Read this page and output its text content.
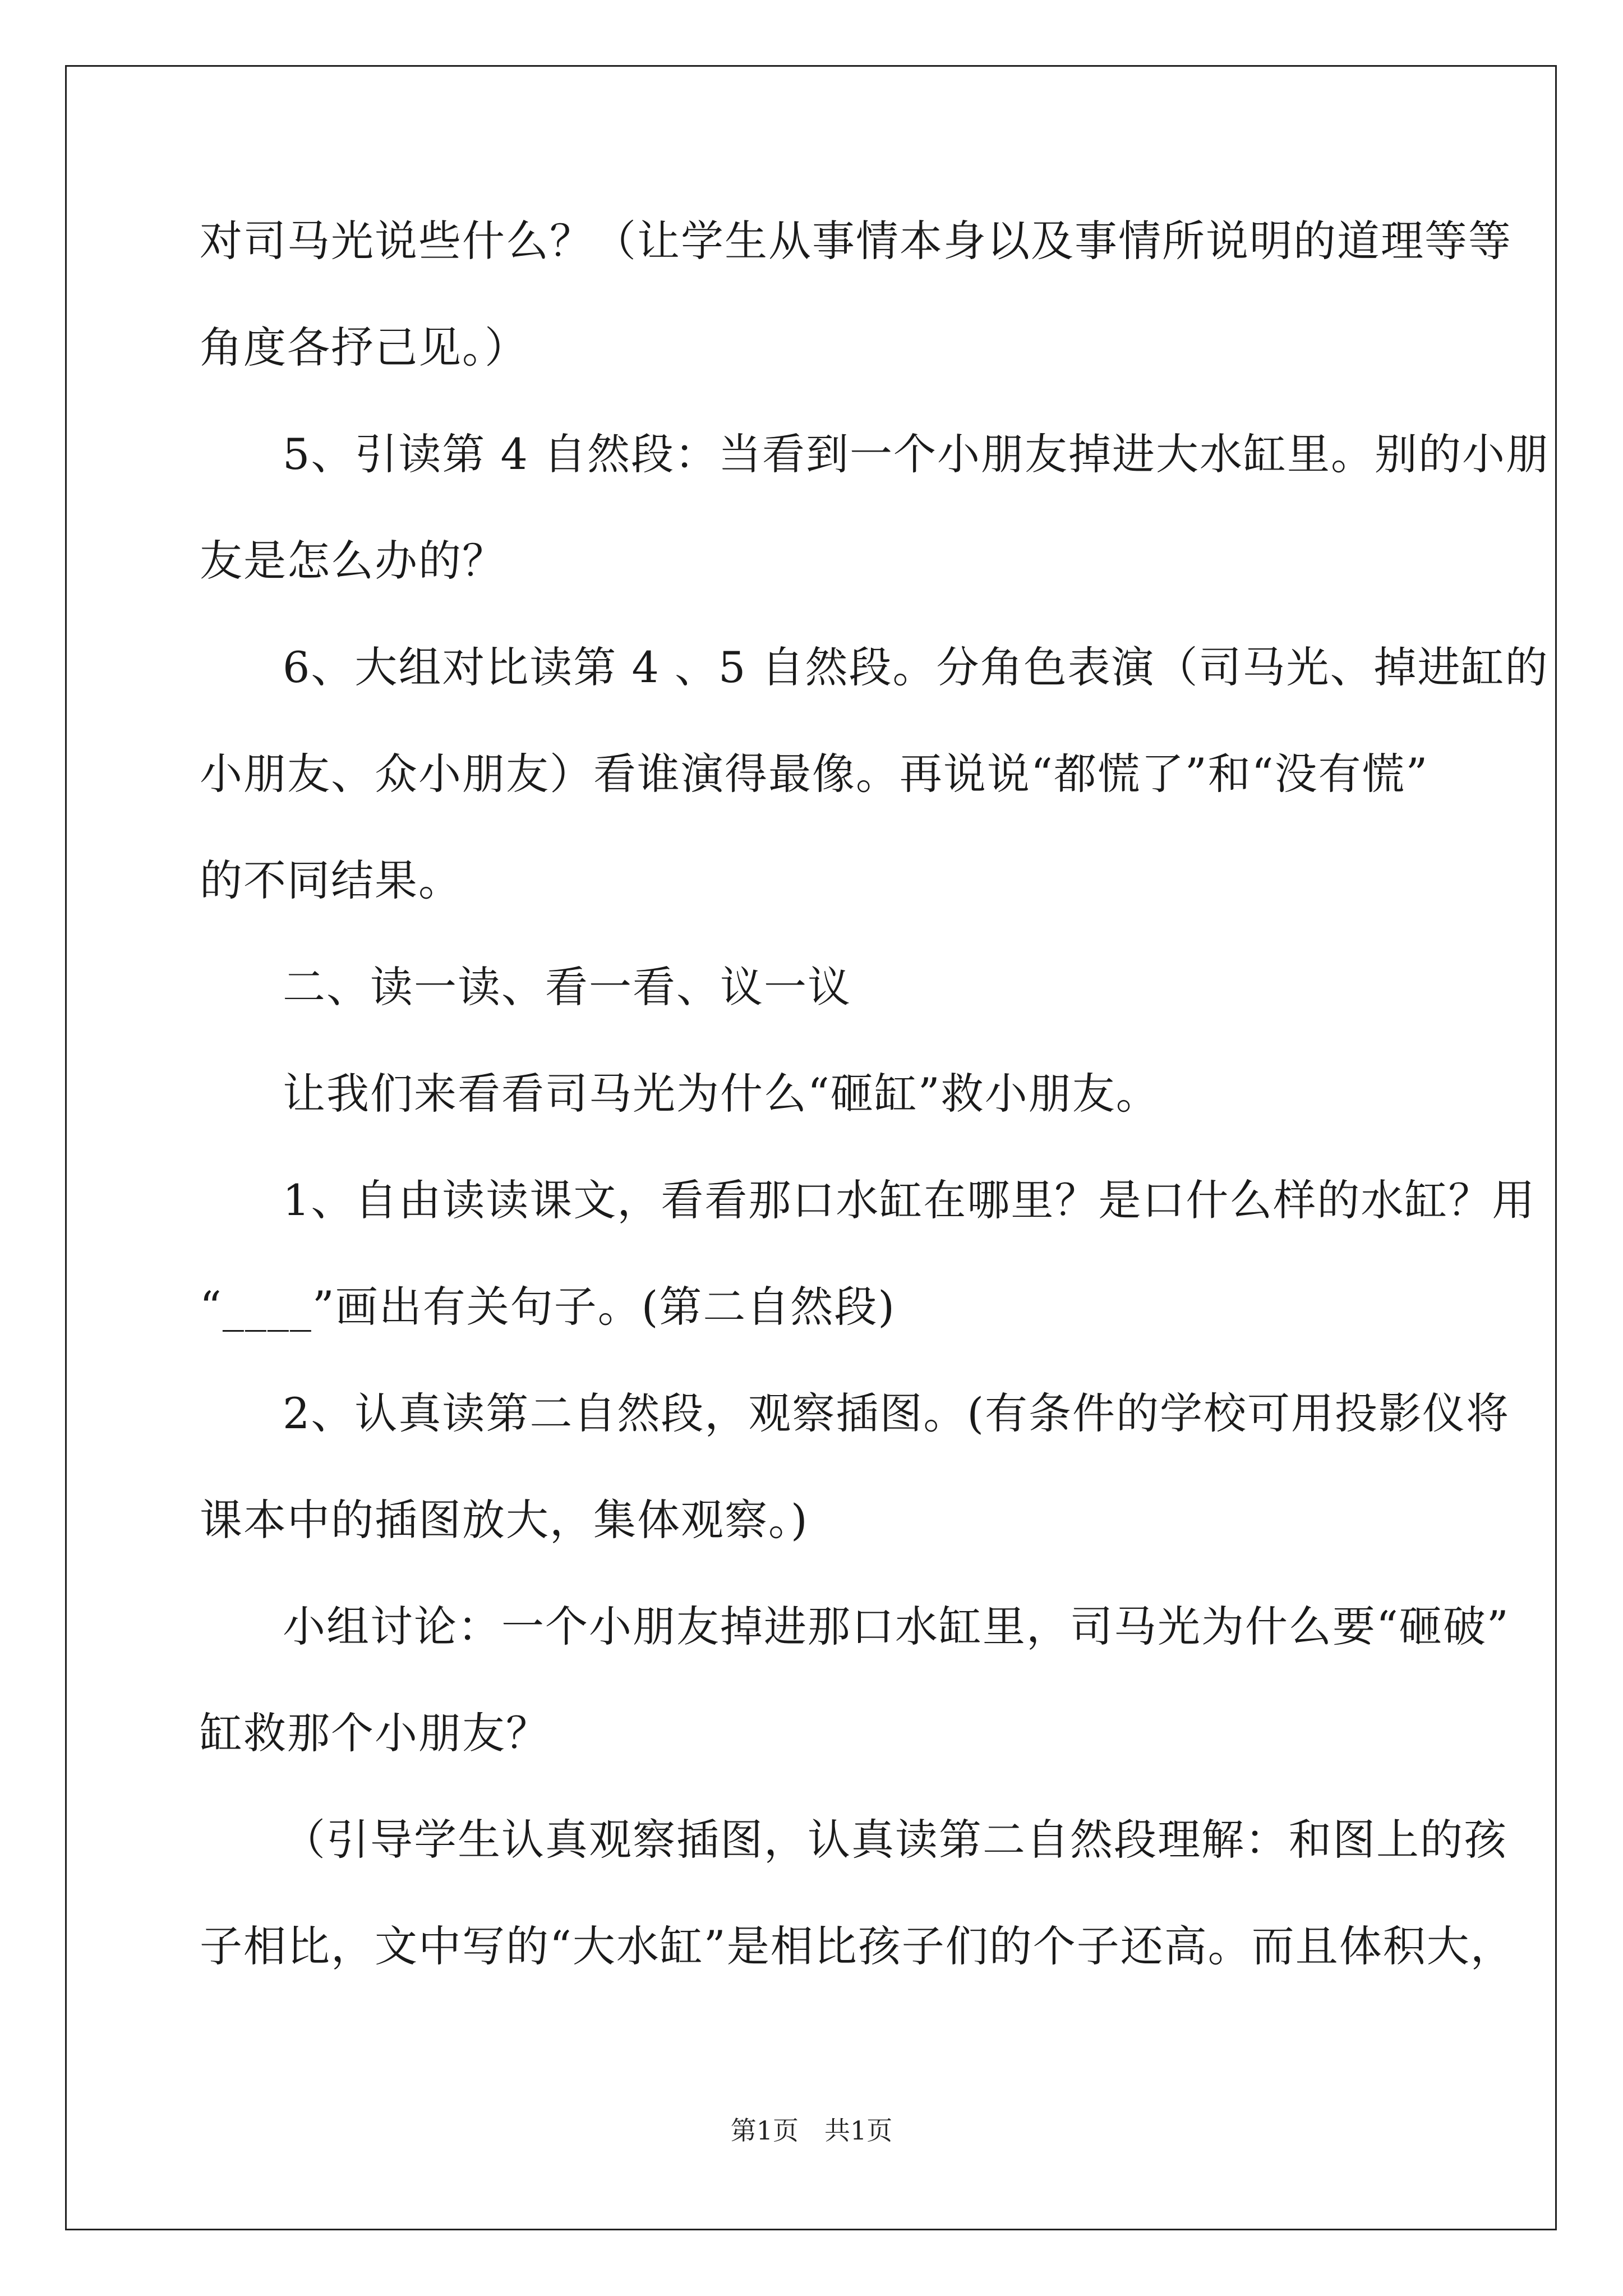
对司马光说些什么？（让学生从事情本身以及事情所说明的道理等等
角度各抒己见。）
5、引读第 4 自然段：当看到一个小朋友掉进大水缸里。别的小朋
友是怎么办的？
6、大组对比读第 4 、5 自然段。分角色表演（司马光、掉进缸的
小朋友、众小朋友）看谁演得最像。再说说“都慌了”和“没有慌”
的不同结果。
二、读一读、看一看、议一议
让我们来看看司马光为什么“砸缸”救小朋友。
1、自由读读课文，看看那口水缸在哪里？是口什么样的水缸？用
“____”画出有关句子。(第二自然段)
2、认真读第二自然段，观察插图。(有条件的学校可用投影仪将
课本中的插图放大，集体观察。)
小组讨论：一个小朋友掉进那口水缸里，司马光为什么要“砸破”
缸救那个小朋友？
（引导学生认真观察插图，认真读第二自然段理解：和图上的孩
子相比，文中写的“大水缸”是相比孩子们的个子还高。而且体积大，
第1页　共1页
